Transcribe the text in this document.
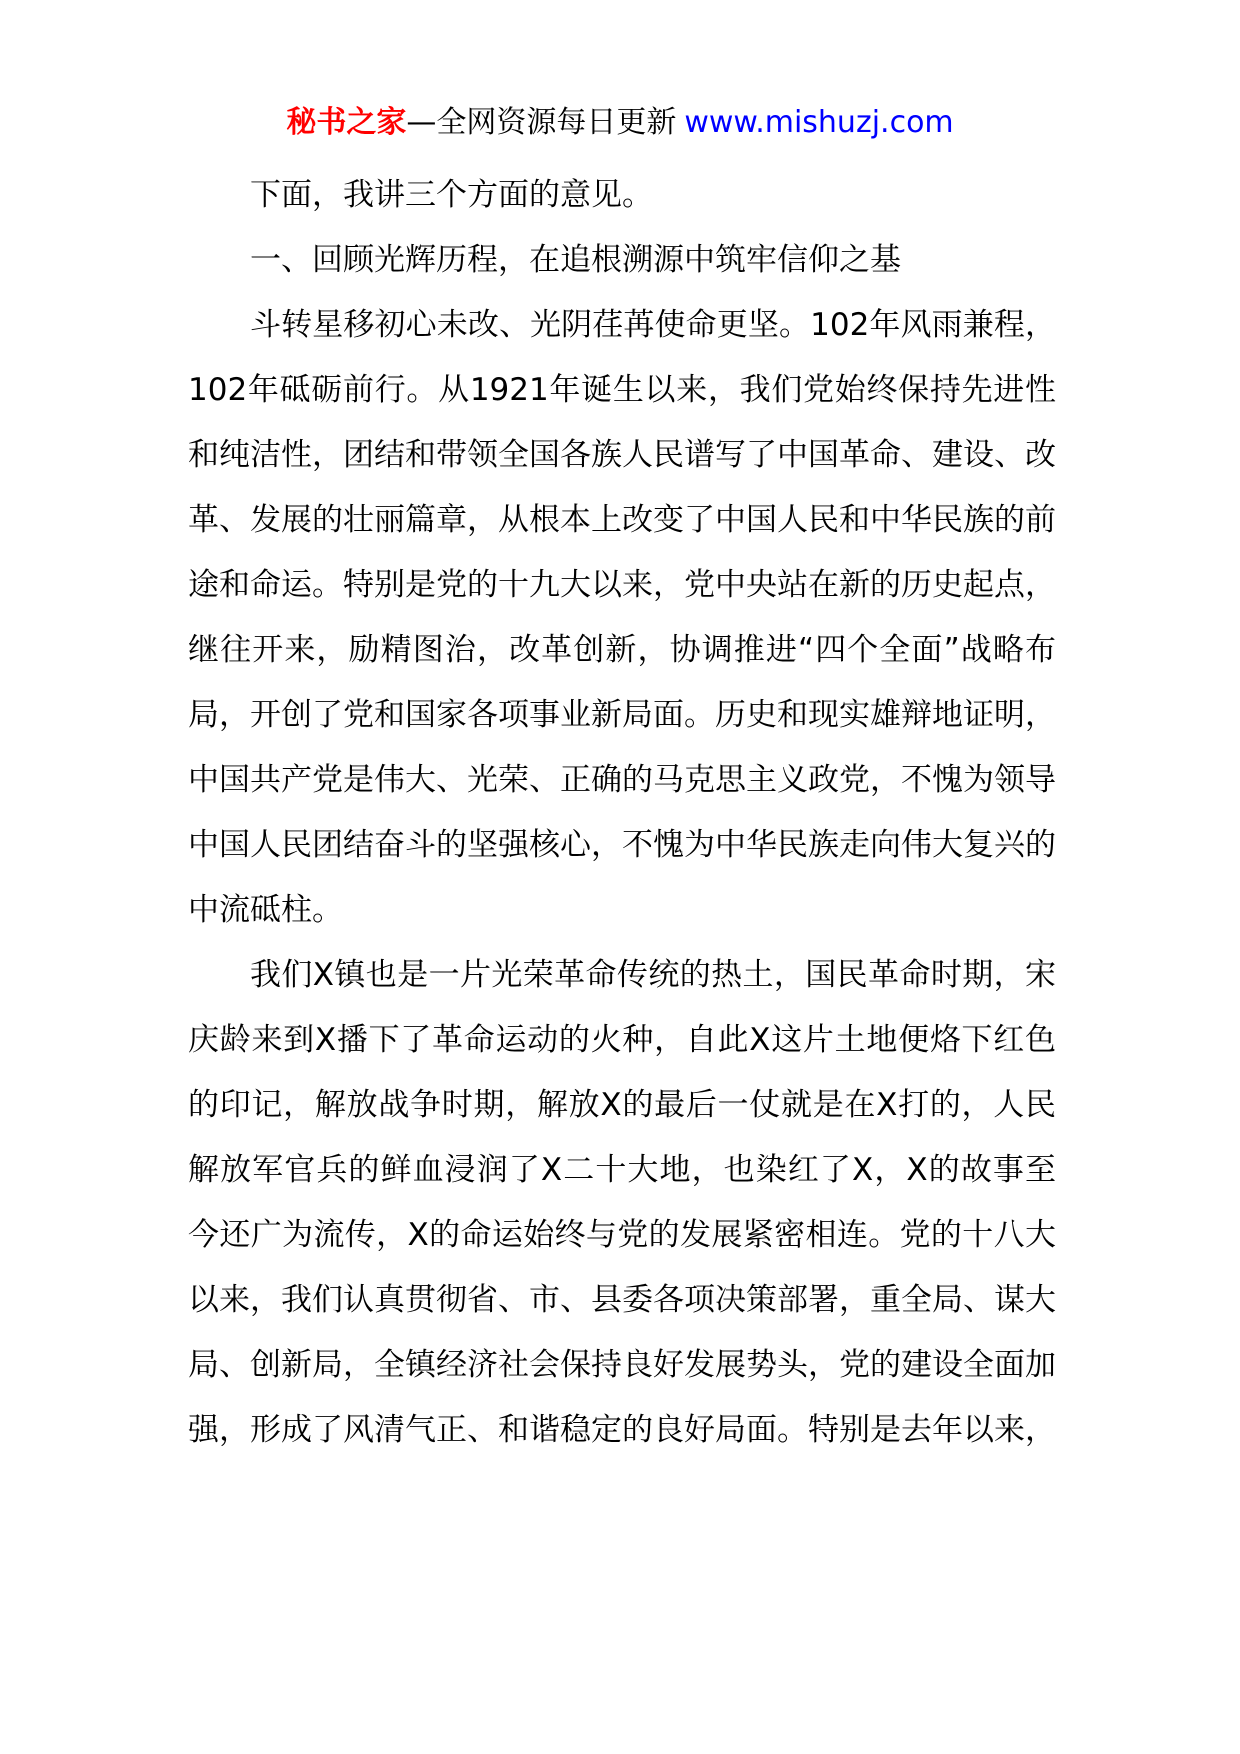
秘书之家—全网资源每日更新 www.mishuzj.com

下面，我讲三个方面的意见。

一、回顾光辉历程，在追根溯源中筑牢信仰之基

斗转星移初心未改、光阴荏苒使命更坚。102年风雨兼程，102年砥砺前行。从1921年诞生以来，我们党始终保持先进性和纯洁性，团结和带领全国各族人民谱写了中国革命、建设、改革、发展的壮丽篇章，从根本上改变了中国人民和中华民族的前途和命运。特别是党的十九大以来，党中央站在新的历史起点，继往开来，励精图治，改革创新，协调推进“四个全面”战略布局，开创了党和国家各项事业新局面。历史和现实雄辩地证明，中国共产党是伟大、光荣、正确的马克思主义政党，不愧为领导中国人民团结奋斗的坚强核心，不愧为中华民族走向伟大复兴的中流砥柱。

我们X镇也是一片光荣革命传统的热土，国民革命时期，宋庆龄来到X播下了革命运动的火种，自此X这片土地便烙下红色的印记，解放战争时期，解放X的最后一仗就是在X打的，人民解放军官兵的鲜血浸润了X二十大地，也染红了X，X的故事至今还广为流传，X的命运始终与党的发展紧密相连。党的十八大以来，我们认真贯彻省、市、县委各项决策部署，重全局、谋大局、创新局，全镇经济社会保持良好发展势头，党的建设全面加强，形成了风清气正、和谐稳定的良好局面。特别是去年以来，
